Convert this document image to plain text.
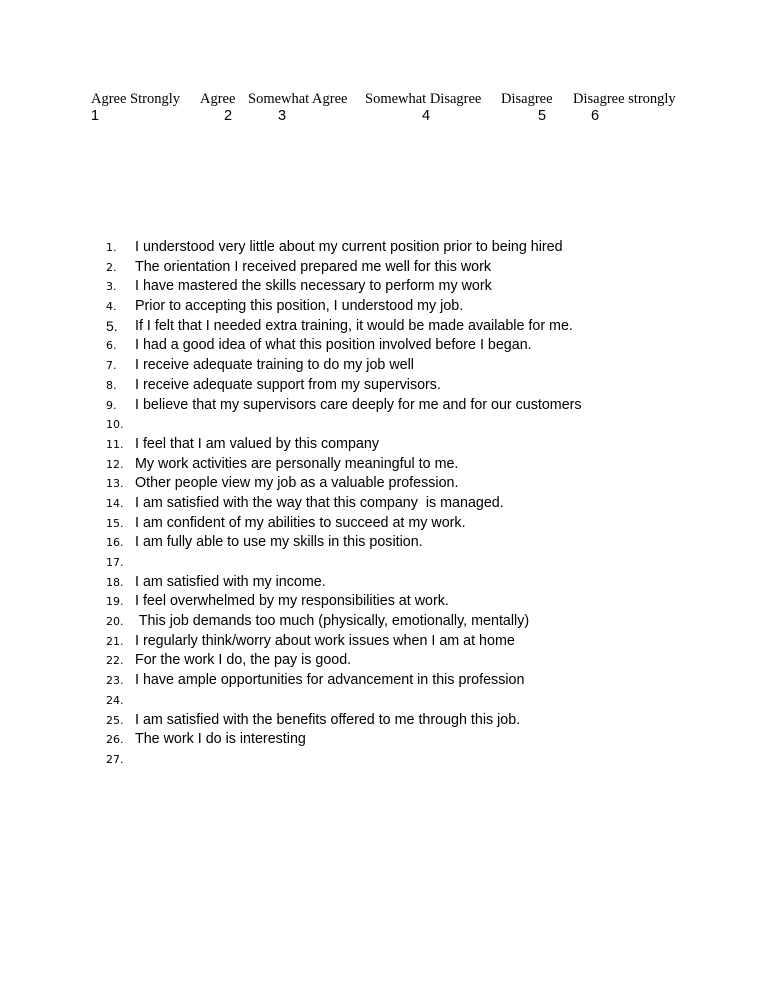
Agree Strongly Agree Somewhat Agree Somewhat Disagree Disagree Disagree strongly
1	2	3	4	5	6
1.	I understood very little about my current position prior to being hired
2.	The orientation I received prepared me well for this work
3.	I have mastered the skills necessary to perform my work
4.	Prior to accepting this position, I understood my job.
5.	If I felt that I needed extra training, it would be made available for me.
6.	I had a good idea of what this position involved before I began.
7.	I receive adequate training to do my job well
8.	I receive adequate support from my supervisors.
9.	I believe that my supervisors care deeply for me and for our customers
10.
11. I feel that I am valued by this company
12. My work activities are personally meaningful to me.
13. Other people view my job as a valuable profession.
14. I am satisfied with the way that this company  is managed.
15. I am confident of my abilities to succeed at my work.
16. I am fully able to use my skills in this position.
17.
18. I am satisfied with my income.
19. I feel overwhelmed by my responsibilities at work.
20. This job demands too much (physically, emotionally, mentally)
21. I regularly think/worry about work issues when I am at home
22. For the work I do, the pay is good.
23. I have ample opportunities for advancement in this profession
24.
25. I am satisfied with the benefits offered to me through this job.
26. The work I do is interesting
27.
